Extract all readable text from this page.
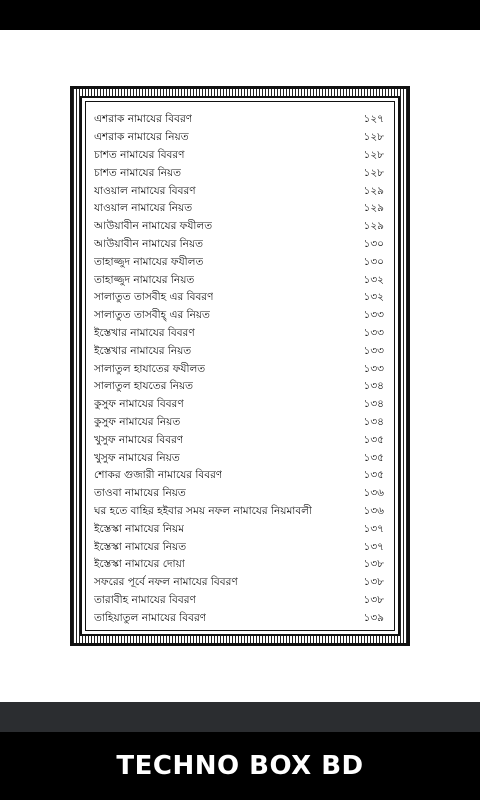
এশরাক নামাযের বিবরণ	১২৭
এশরাক নামাযের নিয়ত	১২৮
চাশত নামাযের বিবরণ	১২৮
চাশত নামাযের নিয়ত	১২৮
যাওয়াল নামাযের বিবরণ	১২৯
যাওয়াল নামাযের নিয়ত	১২৯
আউয়াবীন নামাযের ফযীলত	১২৯
আউয়াবীন নামাযের নিয়ত	১৩০
তাহাজ্জুদ নামাযের ফযীলত	১৩০
তাহাজ্জুদ নামাযের নিয়ত	১৩২
সালাতুত তাসবীহ এর বিবরণ	১৩২
সালাতুত তাসবীহ্ এর নিয়ত	১৩৩
ইস্তেখার নামাযের বিবরণ	১৩৩
ইস্তেখার নামাযের নিয়ত	১৩৩
সালাতুল হাযাতের ফযীলত	১৩৩
সালাতুল হাযতের নিয়ত	১৩৪
কুসুফ নামাযের বিবরণ	১৩৪
কুসুফ নামাযের নিয়ত	১৩৪
খুসুফ নামাযের বিবরণ	১৩৫
খুসুফ নামাযের নিয়ত	১৩৫
শোকর গুজারী নামাযের বিবরণ	১৩৫
তাওবা নামাযের নিয়ত	১৩৬
ঘর হতে বাহির হইবার সময় নফল নামাযের নিয়মাবলী	১৩৬
ইস্তেস্কা নামাযের নিয়ম	১৩৭
ইস্তেস্কা নামাযের নিয়ত	১৩৭
ইস্তেস্কা নামাযের দোয়া	১৩৮
সফরের পূর্বে নফল নামাযের বিবরণ	১৩৮
তারাবীহ নামাযের বিবরণ	১৩৮
তাহিয়াতুল নামাযের বিবরণ	১৩৯
TECHNO BOX BD
